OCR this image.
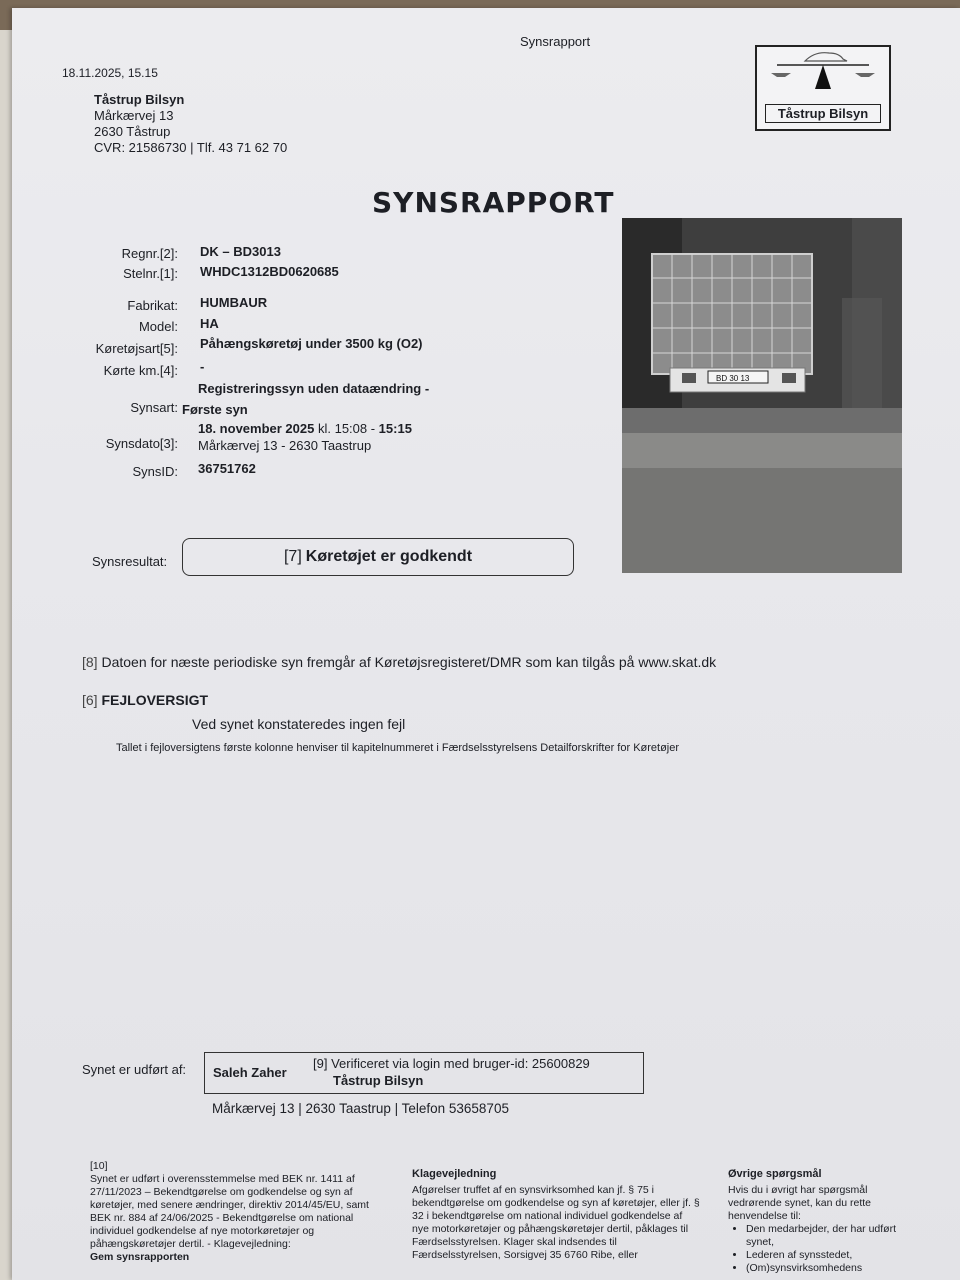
Synsrapport
18.11.2025, 15.15
Tåstrup Bilsyn
Mårkærvej 13
2630 Tåstrup
CVR: 21586730 | Tlf. 43 71 62 70
Tåstrup Bilsyn
SYNSRAPPORT
Regnr.[2]: DK – BD3013
Stelnr.[1]: WHDC1312BD0620685
Fabrikat: HUMBAUR
Model: HA
Køretøjsart[5]: Påhængskøretøj under 3500 kg (O2)
Kørte km.[4]: -
Synsart:
Registreringssyn uden dataændring -
Første syn
Synsdato[3]:
18. november 2025 kl. 15:08 - 15:15
Mårkærvej 13 - 2630 Taastrup
SynsID: 36751762
BD 30 13
Synsresultat:	[7] Køretøjet er godkendt
[8] Datoen for næste periodiske syn fremgår af Køretøjsregisteret/DMR som kan tilgås på www.skat.dk
[6] FEJLOVERSIGT
Ved synet konstateredes ingen fejl
Tallet i fejloversigtens første kolonne henviser til kapitelnummeret i Færdselsstyrelsens Detailforskrifter for Køretøjer
Synet er udført af: Saleh Zaher
[9] Verificeret via login med bruger-id: 25600829
Tåstrup Bilsyn
Mårkærvej 13 | 2630 Taastrup | Telefon 53658705
[10]
Synet er udført i overensstemmelse med BEK nr. 1411 af 27/11/2023 – Bekendtgørelse om godkendelse og syn af køretøjer, med senere ændringer, direktiv 2014/45/EU, samt BEK nr. 884 af 24/06/2025 - Bekendtgørelse om national individuel godkendelse af nye motorkøretøjer og påhængskøretøjer dertil. - Klagevejledning:
Gem synsrapporten
Klagevejledning
Afgørelser truffet af en synsvirksomhed kan jf. § 75 i bekendtgørelse om godkendelse og syn af køretøjer, eller jf. § 32 i bekendtgørelse om national individuel godkendelse af nye motorkøretøjer og påhængskøretøjer dertil, påklages til Færdselsstyrelsen. Klager skal indsendes til Færdselsstyrelsen, Sorsigvej 35 6760 Ribe, eller
Øvrige spørgsmål
Hvis du i øvrigt har spørgsmål vedrørende synet, kan du rette henvendelse til:
• Den medarbejder, der har udført synet,
• Lederen af synsstedet,
• (Om)synsvirksomhedens
